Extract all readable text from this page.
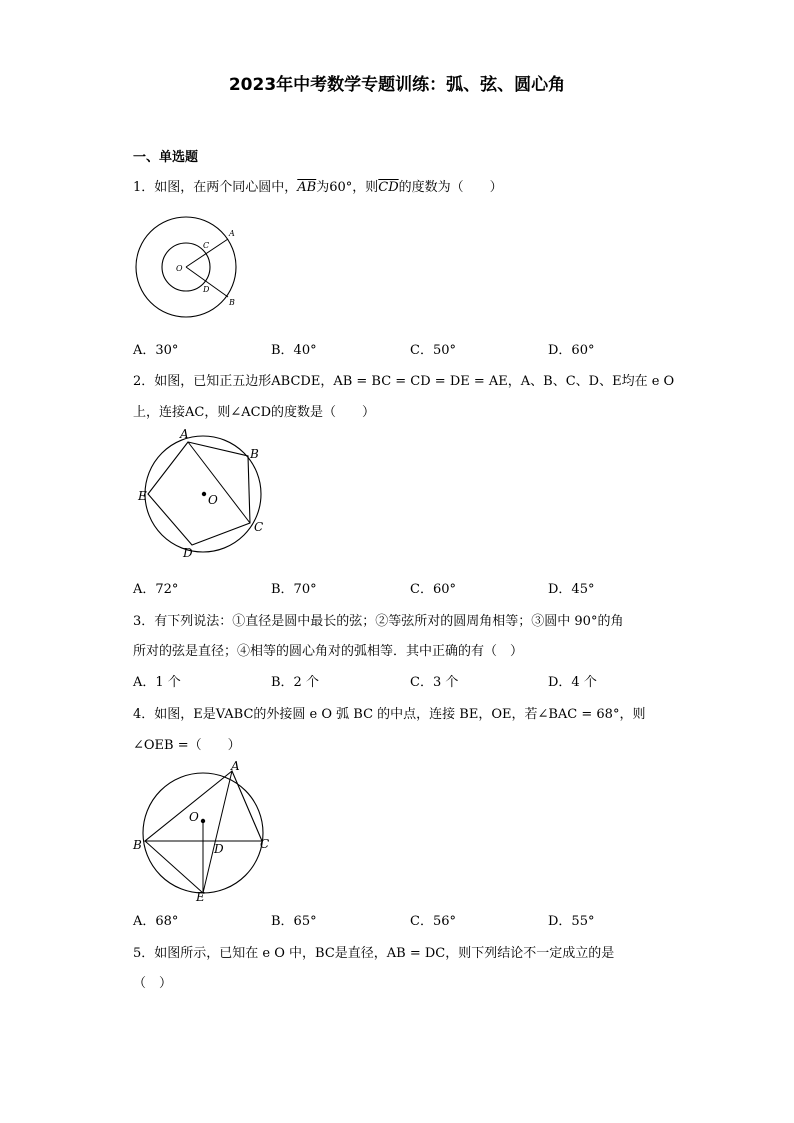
2023年中考数学专题训练：弧、弦、圆心角
一、单选题
1．如图，在两个同心圆中，$\overline{AB}$为60°，则$\overline{CD}$的度数为（　　）
O
A
C
D
B
A．30°	B．40°	C．50°	D．60°
2．如图，已知正五边形ABCDE，AB = BC = CD = DE = AE，A、B、C、D、E均在 e O
上，连接AC，则∠ACD的度数是（　　）
A
B
C
D
E	O
A．72°	B．70°	C．60°	D．45°
3．有下列说法：①直径是圆中最长的弦；②等弦所对的圆周角相等；③圆中 90°的角
所对的弦是直径；④相等的圆心角对的弧相等．其中正确的有（　）
A．1 个	B．2 个	C．3 个	D．4 个
4．如图，E是VABC的外接圆 e O 弧 BC 的中点，连接 BE，OE，若∠BAC = 68°，则
∠OEB =（　　）
A
B	C
O
D
E
A．68°	B．65°	C．56°	D．55°
5．如图所示，已知在 e O 中，BC是直径，AB = DC，则下列结论不一定成立的是
（　）
